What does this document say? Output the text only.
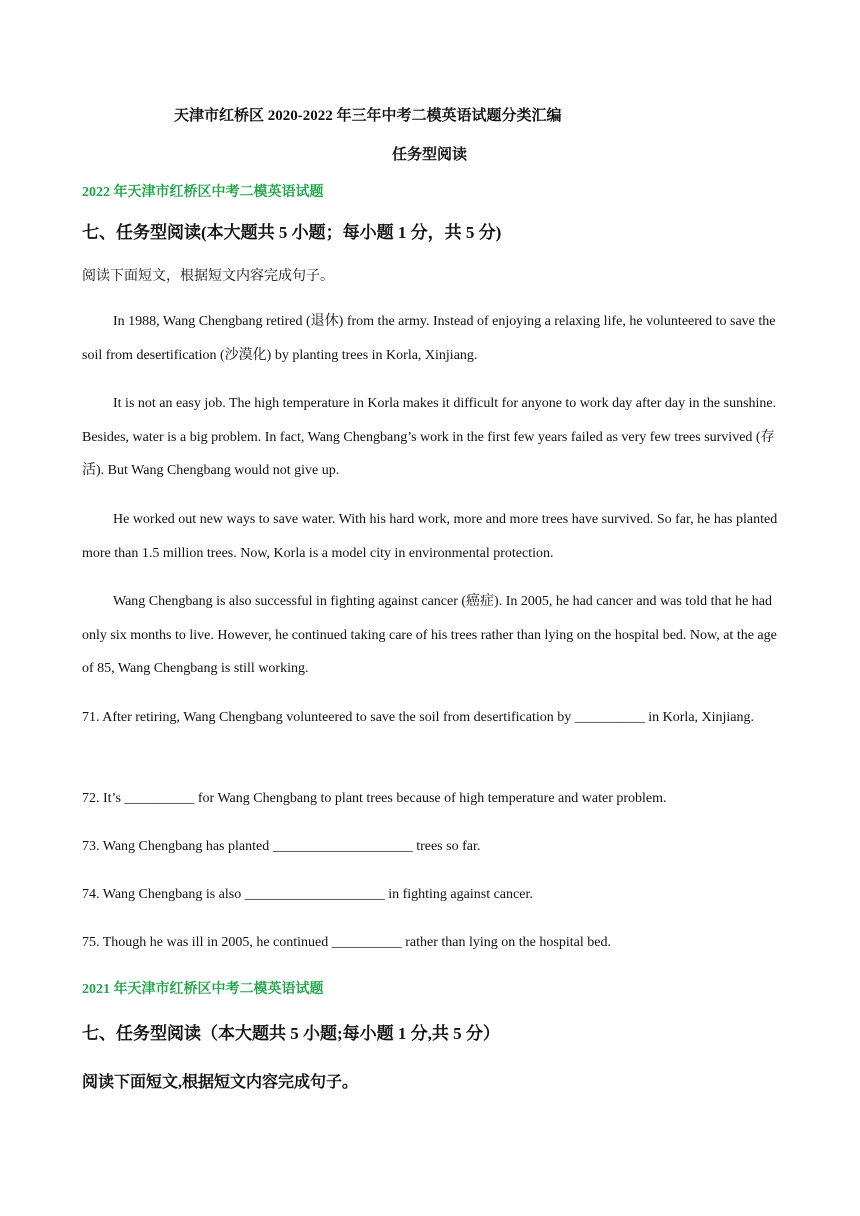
天津市红桥区 2020-2022 年三年中考二模英语试题分类汇编

任务型阅读

2022 年天津市红桥区中考二模英语试题

七、任务型阅读(本大题共 5 小题；每小题 1 分，共 5 分)

阅读下面短文，根据短文内容完成句子。

In 1988, Wang Chengbang retired (退休) from the army. Instead of enjoying a relaxing life, he volunteered to save the soil from desertification (沙漠化) by planting trees in Korla, Xinjiang.

It is not an easy job. The high temperature in Korla makes it difficult for anyone to work day after day in the sunshine. Besides, water is a big problem. In fact, Wang Chengbang’s work in the first few years failed as very few trees survived (存活). But Wang Chengbang would not give up.

He worked out new ways to save water. With his hard work, more and more trees have survived. So far, he has planted more than 1.5 million trees. Now, Korla is a model city in environmental protection.

Wang Chengbang is also successful in fighting against cancer (癌症). In 2005, he had cancer and was told that he had only six months to live. However, he continued taking care of his trees rather than lying on the hospital bed. Now, at the age of 85, Wang Chengbang is still working.

71. After retiring, Wang Chengbang volunteered to save the soil from desertification by __________ in Korla, Xinjiang.

72. It’s __________ for Wang Chengbang to plant trees because of high temperature and water problem.

73. Wang Chengbang has planted ____________________ trees so far.

74. Wang Chengbang is also ____________________ in fighting against cancer.

75. Though he was ill in 2005, he continued __________ rather than lying on the hospital bed.

2021 年天津市红桥区中考二模英语试题

七、任务型阅读（本大题共 5 小题;每小题 1 分,共 5 分）

阅读下面短文,根据短文内容完成句子。
